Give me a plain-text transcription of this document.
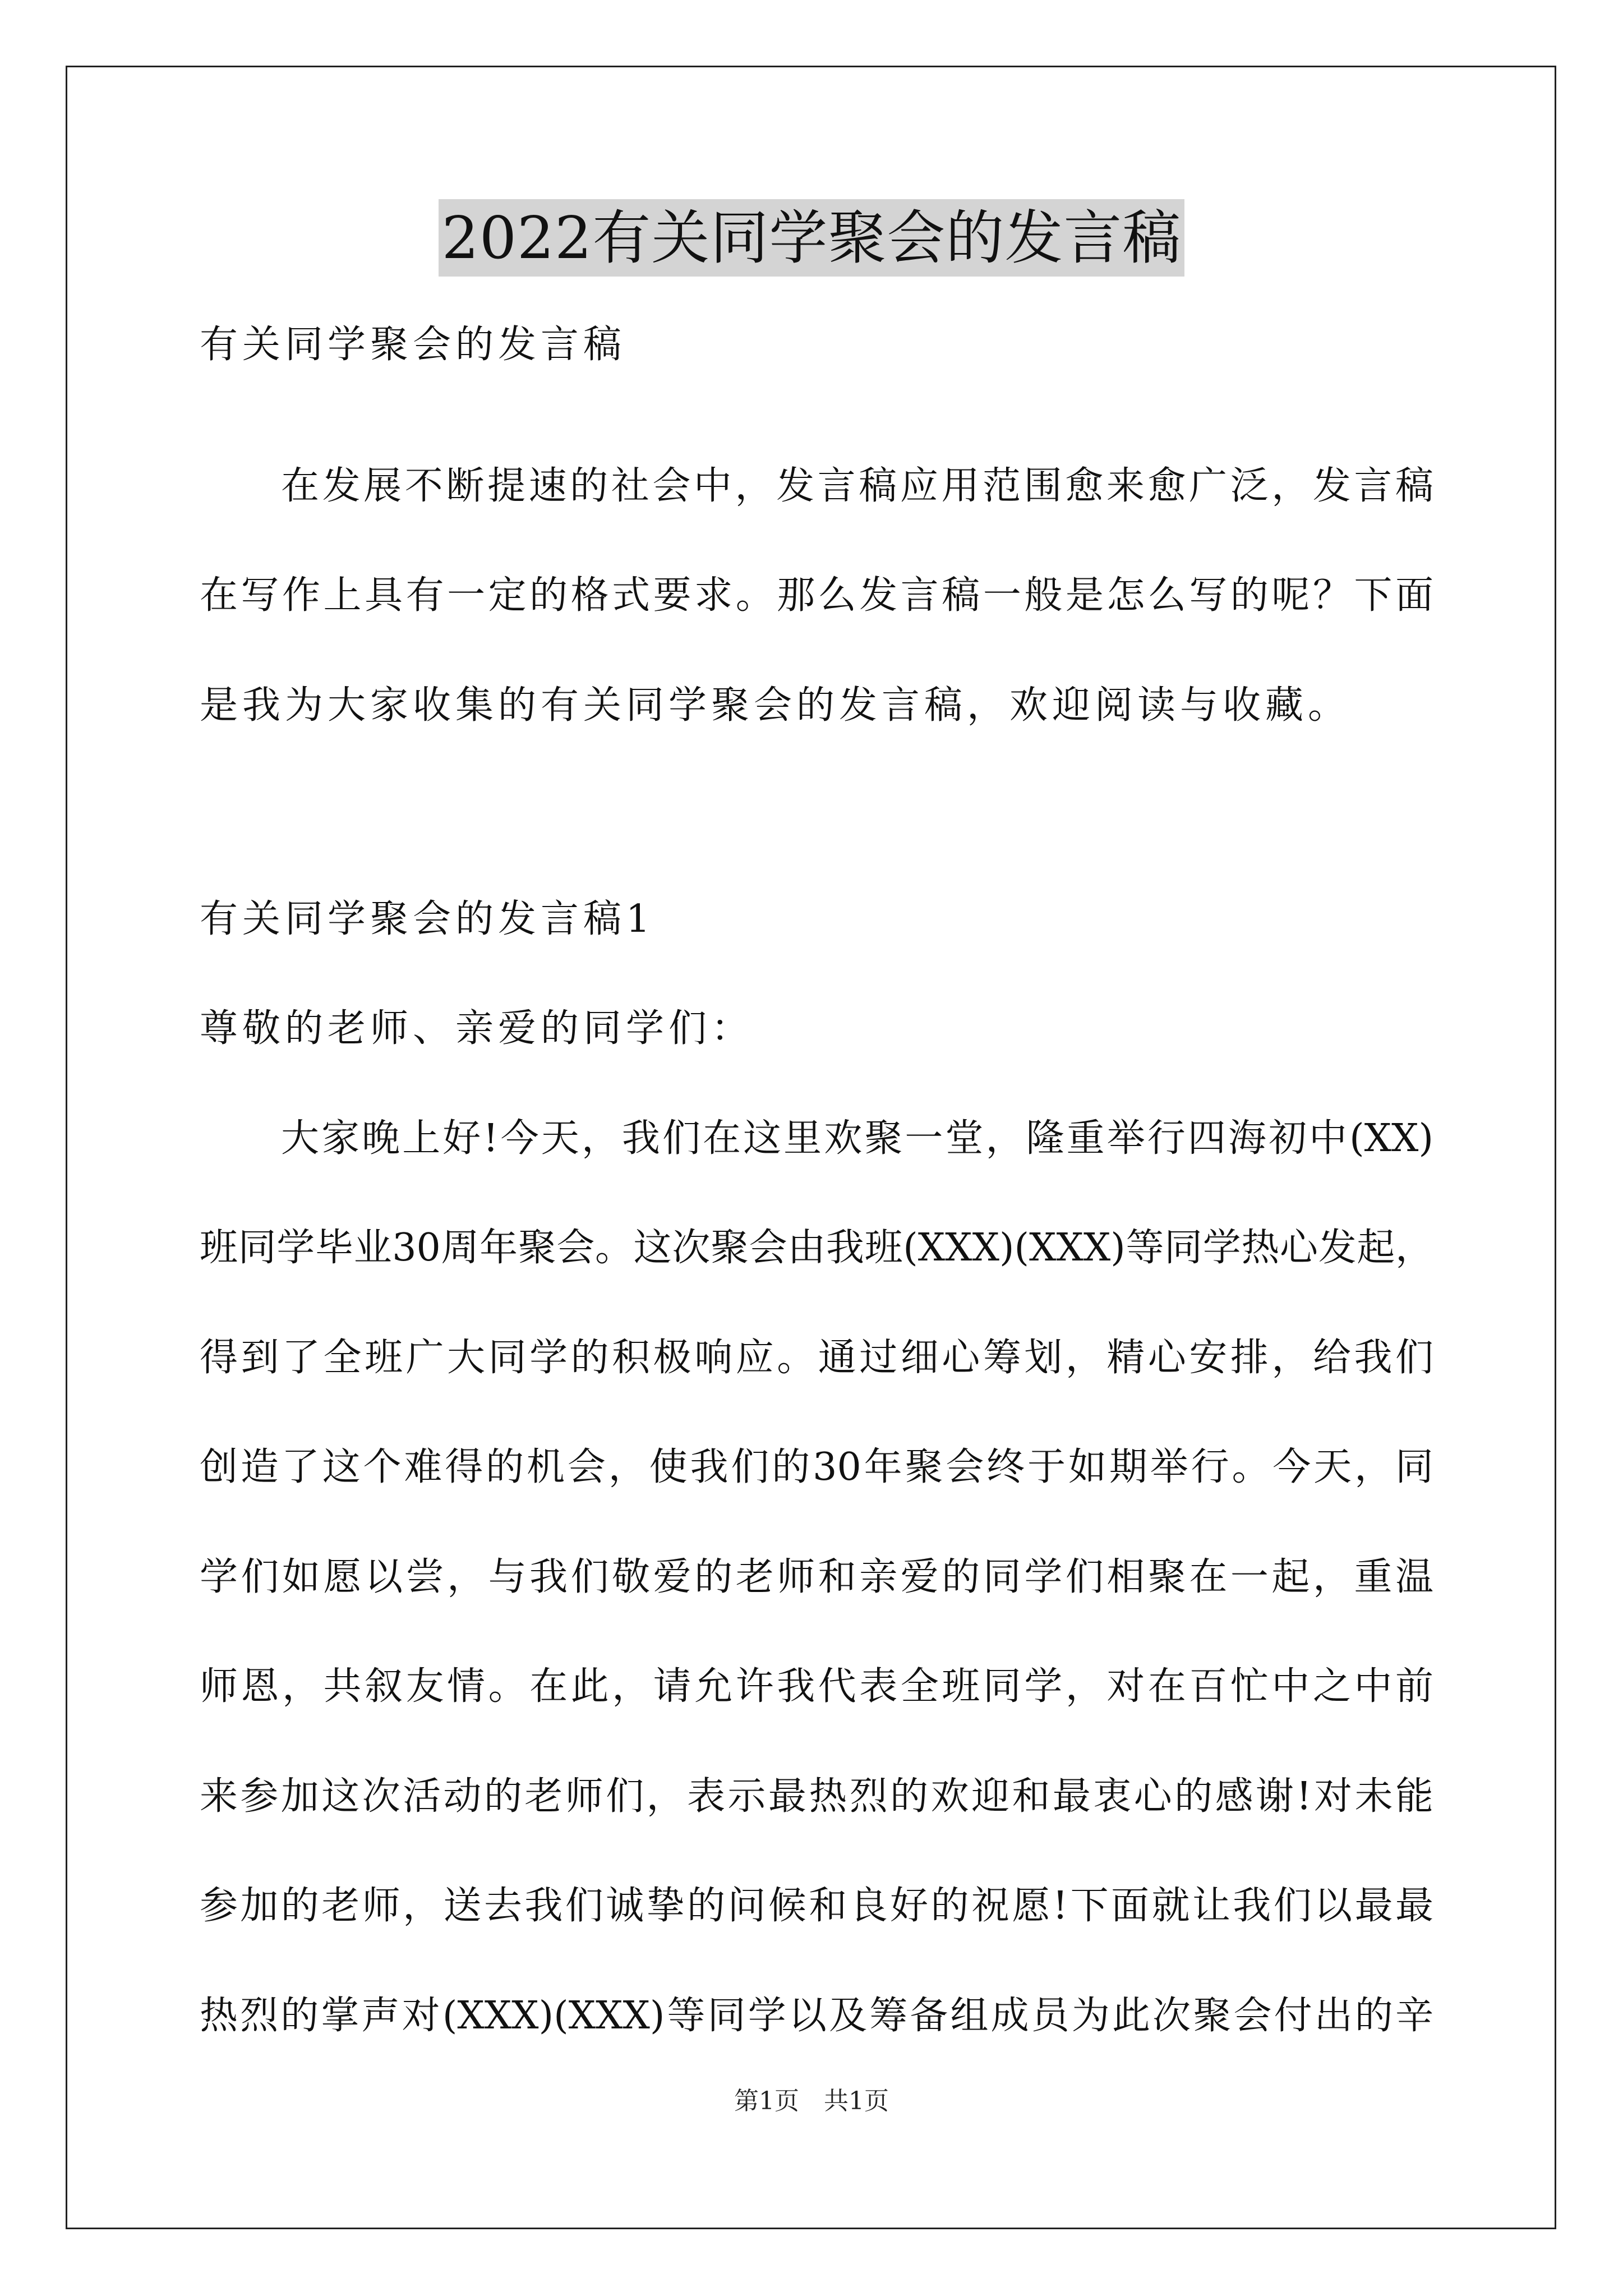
2022有关同学聚会的发言稿
有关同学聚会的发言稿
在发展不断提速的社会中，发言稿应用范围愈来愈广泛，发言稿
在写作上具有一定的格式要求。那么发言稿一般是怎么写的呢？下面
是我为大家收集的有关同学聚会的发言稿，欢迎阅读与收藏。
有关同学聚会的发言稿1
尊敬的老师、亲爱的同学们：
大家晚上好!今天，我们在这里欢聚一堂，隆重举行四海初中(XX)
班同学毕业30周年聚会。这次聚会由我班(XXX)(XXX)等同学热心发起，
得到了全班广大同学的积极响应。通过细心筹划，精心安排，给我们
创造了这个难得的机会，使我们的30年聚会终于如期举行。今天，同
学们如愿以尝，与我们敬爱的老师和亲爱的同学们相聚在一起，重温
师恩，共叙友情。在此，请允许我代表全班同学，对在百忙中之中前
来参加这次活动的老师们，表示最热烈的欢迎和最衷心的感谢!对未能
参加的老师，送去我们诚挚的问候和良好的祝愿!下面就让我们以最最
热烈的掌声对(XXX)(XXX)等同学以及筹备组成员为此次聚会付出的辛
第1页　共1页
